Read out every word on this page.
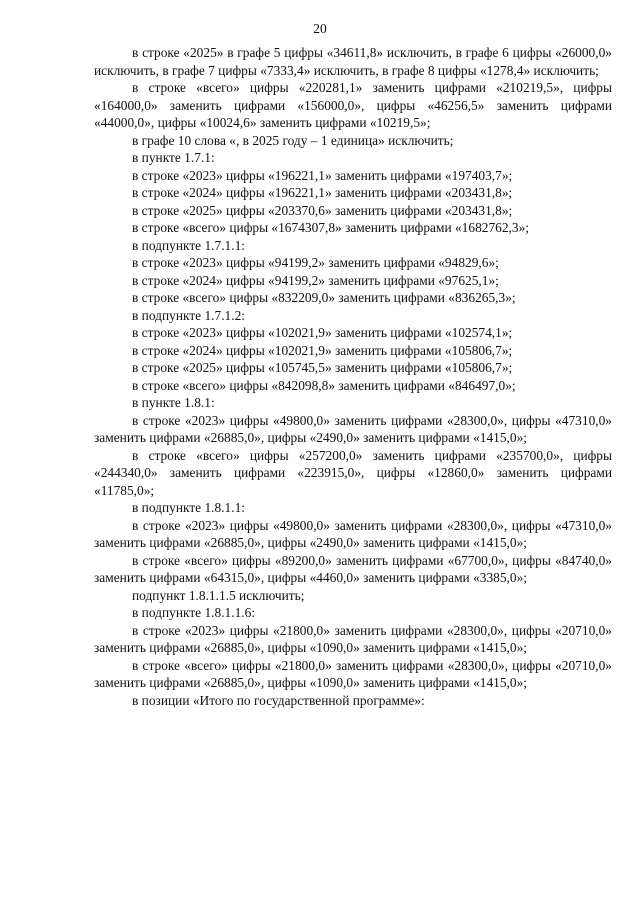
20

в строке «2025» в графе 5 цифры «34611,8» исключить, в графе 6 цифры «26000,0» исключить, в графе 7 цифры «7333,4» исключить, в графе 8 цифры «1278,4» исключить;

в строке «всего» цифры «220281,1» заменить цифрами «210219,5», цифры «164000,0» заменить цифрами «156000,0», цифры «46256,5» заменить цифрами «44000,0», цифры «10024,6» заменить цифрами «10219,5»;

в графе 10 слова «, в 2025 году – 1 единица» исключить;

в пункте 1.7.1:

в строке «2023» цифры «196221,1» заменить цифрами «197403,7»;

в строке «2024» цифры «196221,1» заменить цифрами «203431,8»;

в строке «2025» цифры «203370,6» заменить цифрами «203431,8»;

в строке «всего» цифры «1674307,8» заменить цифрами «1682762,3»;

в подпункте 1.7.1.1:

в строке «2023» цифры «94199,2» заменить цифрами «94829,6»;

в строке «2024» цифры «94199,2» заменить цифрами «97625,1»;

в строке «всего» цифры «832209,0» заменить цифрами «836265,3»;

в подпункте 1.7.1.2:

в строке «2023» цифры «102021,9» заменить цифрами «102574,1»;

в строке «2024» цифры «102021,9» заменить цифрами «105806,7»;

в строке «2025» цифры «105745,5» заменить цифрами «105806,7»;

в строке «всего» цифры «842098,8» заменить цифрами «846497,0»;

в пункте 1.8.1:

в строке «2023» цифры «49800,0» заменить цифрами «28300,0», цифры «47310,0» заменить цифрами «26885,0», цифры «2490,0» заменить цифрами «1415,0»;

в строке «всего» цифры «257200,0» заменить цифрами «235700,0», цифры «244340,0» заменить цифрами «223915,0», цифры «12860,0» заменить цифрами «11785,0»;

в подпункте 1.8.1.1:

в строке «2023» цифры «49800,0» заменить цифрами «28300,0», цифры «47310,0» заменить цифрами «26885,0», цифры «2490,0» заменить цифрами «1415,0»;

в строке «всего» цифры «89200,0» заменить цифрами «67700,0», цифры «84740,0» заменить цифрами «64315,0», цифры «4460,0» заменить цифрами «3385,0»;

подпункт 1.8.1.1.5 исключить;

в подпункте 1.8.1.1.6:

в строке «2023» цифры «21800,0» заменить цифрами «28300,0», цифры «20710,0» заменить цифрами «26885,0», цифры «1090,0» заменить цифрами «1415,0»;

в строке «всего» цифры «21800,0» заменить цифрами «28300,0», цифры «20710,0» заменить цифрами «26885,0», цифры «1090,0» заменить цифрами «1415,0»;

в позиции «Итого по государственной программе»:
